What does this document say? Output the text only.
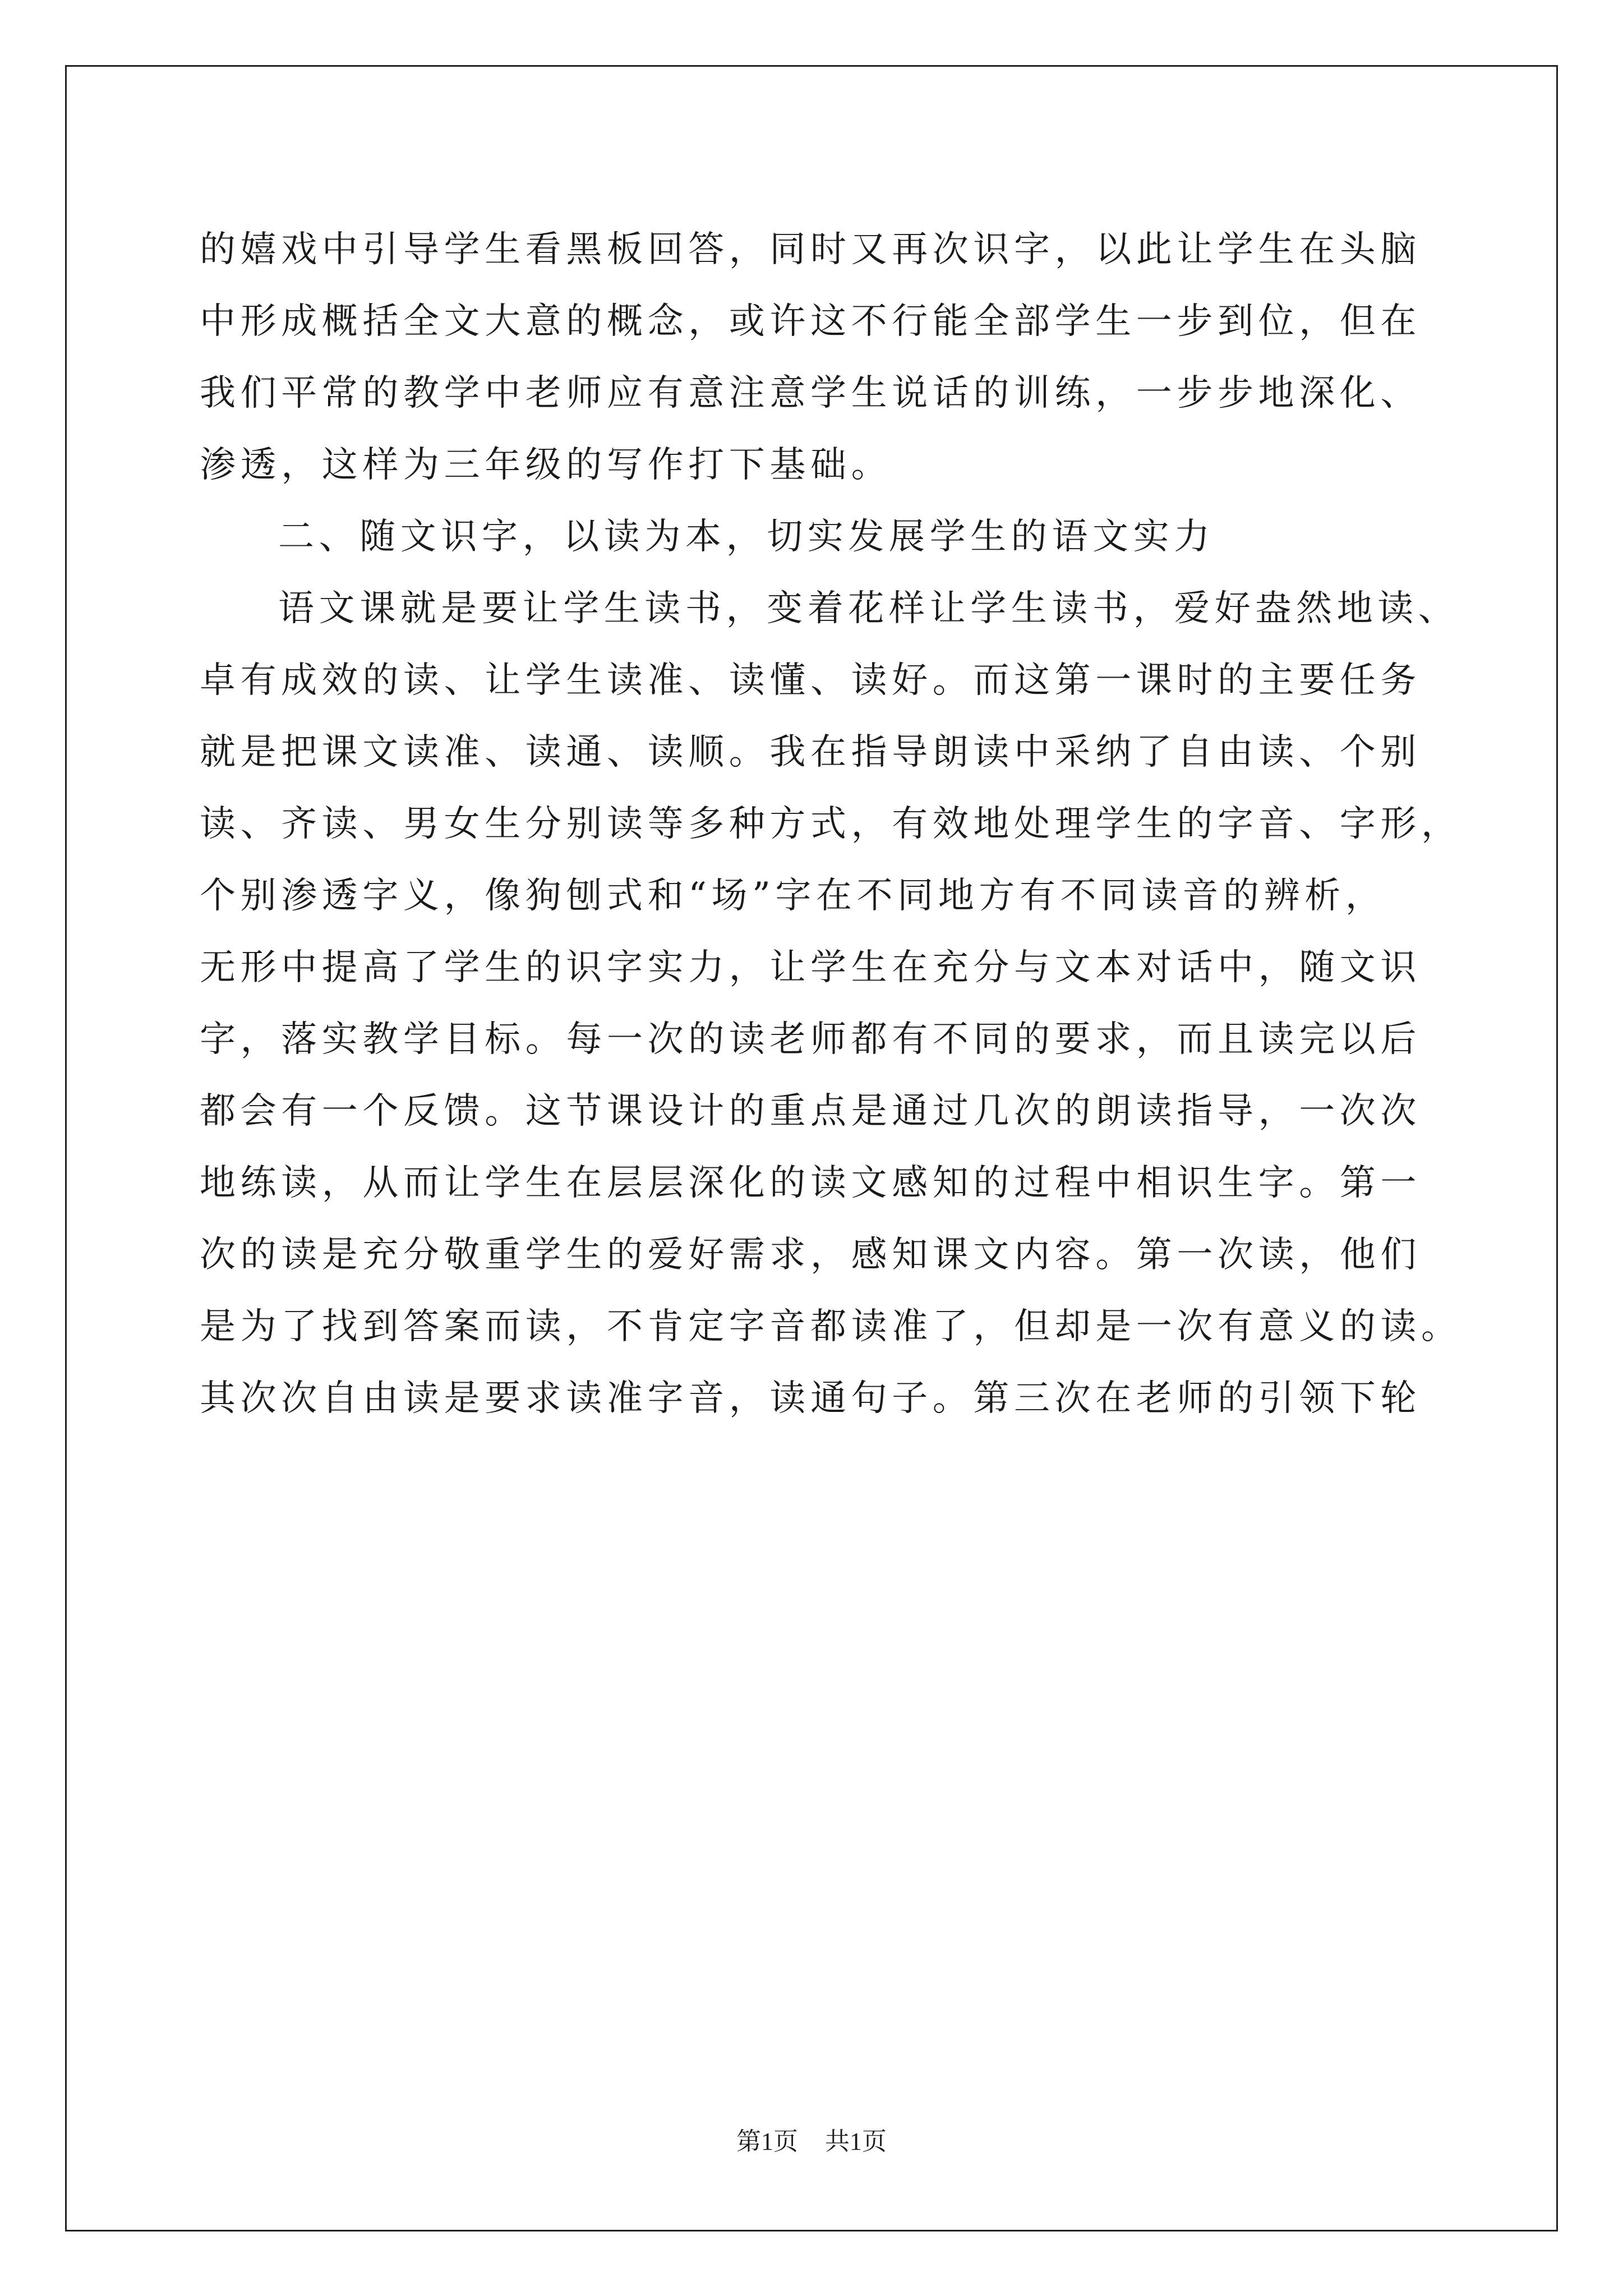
的嬉戏中引导学生看黑板回答，同时又再次识字，以此让学生在头脑
中形成概括全文大意的概念，或许这不行能全部学生一步到位，但在
我们平常的教学中老师应有意注意学生说话的训练，一步步地深化、
渗透，这样为三年级的写作打下基础。
二、随文识字，以读为本，切实发展学生的语文实力
语文课就是要让学生读书，变着花样让学生读书，爱好盎然地读、
卓有成效的读、让学生读准、读懂、读好。而这第一课时的主要任务
就是把课文读准、读通、读顺。我在指导朗读中采纳了自由读、个别
读、齐读、男女生分别读等多种方式，有效地处理学生的字音、字形，
个别渗透字义，像狗刨式和“场”字在不同地方有不同读音的辨析，
无形中提高了学生的识字实力，让学生在充分与文本对话中，随文识
字，落实教学目标。每一次的读老师都有不同的要求，而且读完以后
都会有一个反馈。这节课设计的重点是通过几次的朗读指导，一次次
地练读，从而让学生在层层深化的读文感知的过程中相识生字。第一
次的读是充分敬重学生的爱好需求，感知课文内容。第一次读，他们
是为了找到答案而读，不肯定字音都读准了，但却是一次有意义的读。
其次次自由读是要求读准字音，读通句子。第三次在老师的引领下轮
第1页 共1页
